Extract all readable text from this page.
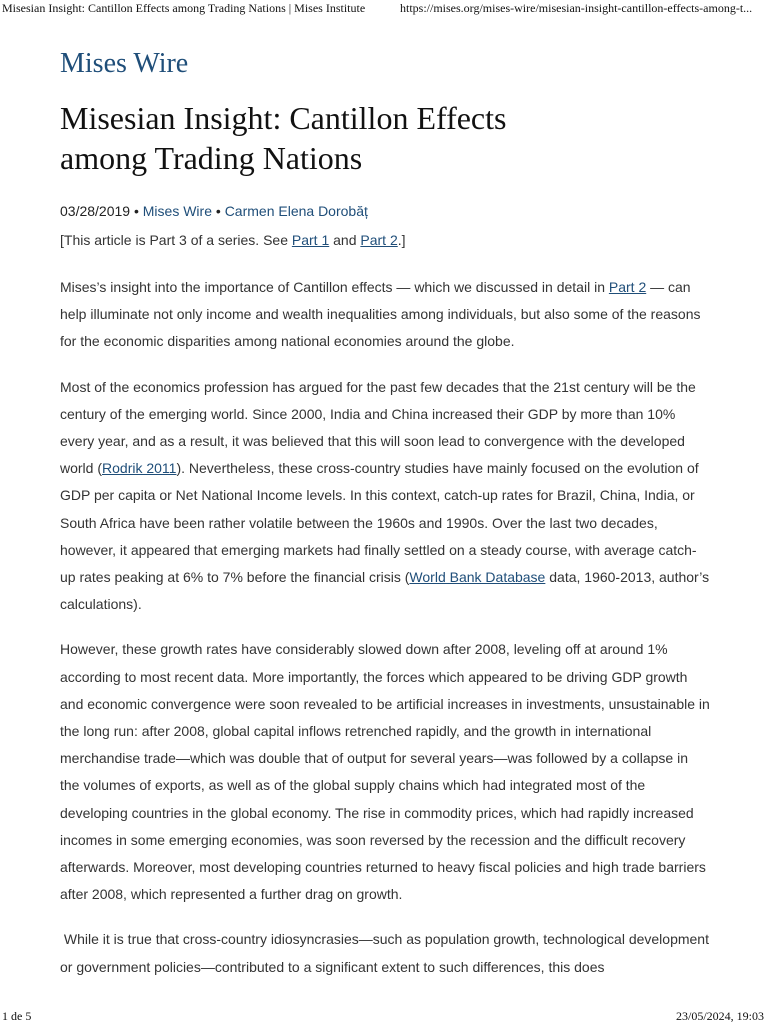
Misesian Insight: Cantillon Effects among Trading Nations | Mises Institute	https://mises.org/mises-wire/misesian-insight-cantillon-effects-among-t...
Mises Wire
Misesian Insight: Cantillon Effects among Trading Nations
03/28/2019 • Mises Wire • Carmen Elena Dorobăț
[This article is Part 3 of a series. See Part 1 and Part 2.]

Mises’s insight into the importance of Cantillon effects — which we discussed in detail in Part 2 — can help illuminate not only income and wealth inequalities among individuals, but also some of the reasons for the economic disparities among national economies around the globe.

Most of the economics profession has argued for the past few decades that the 21st century will be the century of the emerging world. Since 2000, India and China increased their GDP by more than 10% every year, and as a result, it was believed that this will soon lead to convergence with the developed world (Rodrik 2011). Nevertheless, these cross-country studies have mainly focused on the evolution of GDP per capita or Net National Income levels. In this context, catch-up rates for Brazil, China, India, or South Africa have been rather volatile between the 1960s and 1990s. Over the last two decades, however, it appeared that emerging markets had finally settled on a steady course, with average catch-up rates peaking at 6% to 7% before the financial crisis (World Bank Database data, 1960-2013, author’s calculations).

However, these growth rates have considerably slowed down after 2008, leveling off at around 1% according to most recent data. More importantly, the forces which appeared to be driving GDP growth and economic convergence were soon revealed to be artificial increases in investments, unsustainable in the long run: after 2008, global capital inflows retrenched rapidly, and the growth in international merchandise trade—which was double that of output for several years—was followed by a collapse in the volumes of exports, as well as of the global supply chains which had integrated most of the developing countries in the global economy. The rise in commodity prices, which had rapidly increased incomes in some emerging economies, was soon reversed by the recession and the difficult recovery afterwards. Moreover, most developing countries returned to heavy fiscal policies and high trade barriers after 2008, which represented a further drag on growth.

While it is true that cross-country idiosyncrasies—such as population growth, technological development or government policies—contributed to a significant extent to such differences, this does

1 de 5	23/05/2024, 19:03
